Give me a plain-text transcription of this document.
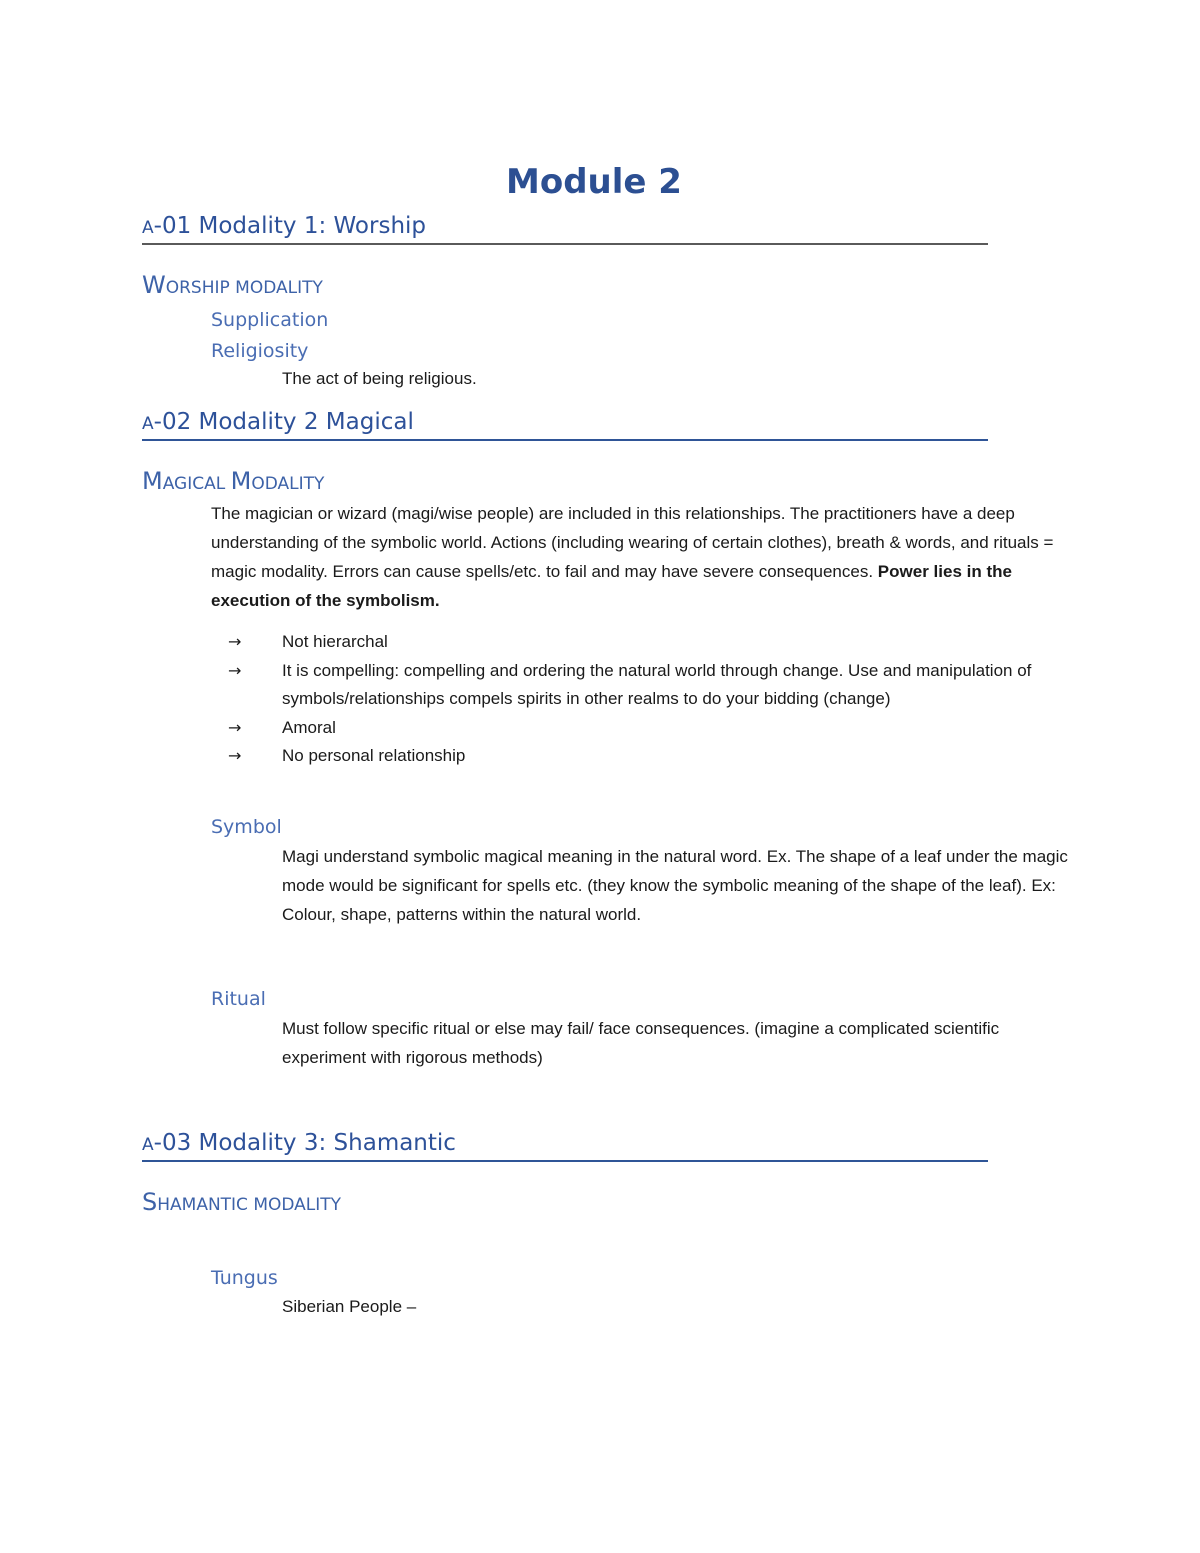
Module 2
A-01 Modality 1: Worship
WORSHIP MODALITY
Supplication
Religiosity

The act of being religious.

A-02 Modality 2 Magical
MAGICAL MODALITY

The magician or wizard (magi/wise people) are included in this relationships. The practitioners have a deep understanding of the symbolic world. Actions (including wearing of certain clothes), breath & words, and rituals = magic modality. Errors can cause spells/etc. to fail and may have severe consequences. Power lies in the execution of the symbolism.

→	Not hierarchal
→	It is compelling: compelling and ordering the natural world through change. Use and manipulation of symbols/relationships compels spirits in other realms to do your bidding (change)
→	Amoral
→	No personal relationship
Symbol

Magi understand symbolic magical meaning in the natural word. Ex. The shape of a leaf under the magic mode would be significant for spells etc. (they know the symbolic meaning of the shape of the leaf). Ex: Colour, shape, patterns within the natural world.

Ritual

Must follow specific ritual or else may fail/ face consequences. (imagine a complicated scientific experiment with rigorous methods)

A-03 Modality 3: Shamantic
SHAMANTIC MODALITY
Tungus

Siberian People –
